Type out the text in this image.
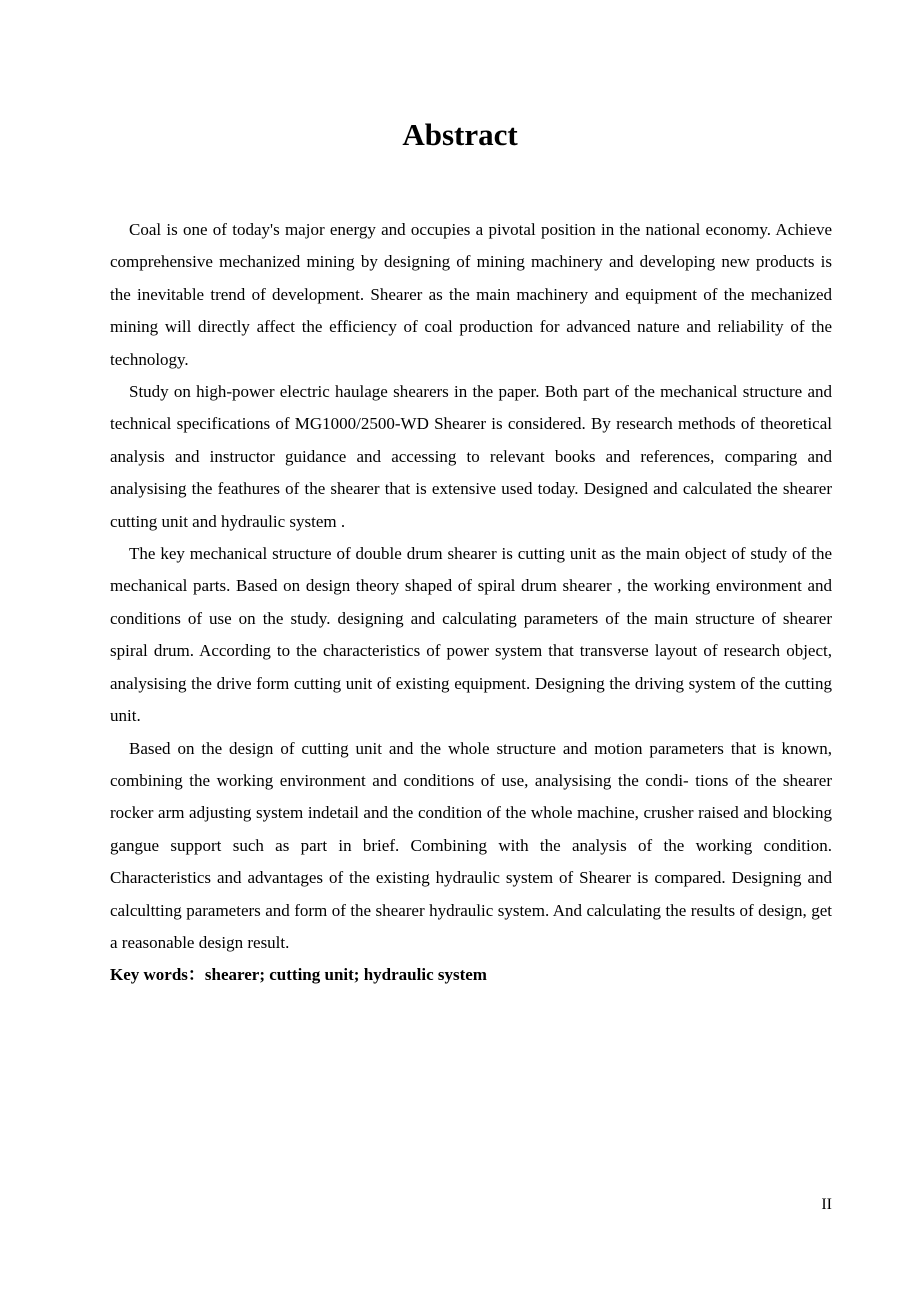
Abstract

Coal is one of today's major energy and occupies a pivotal position in the national economy. Achieve comprehensive mechanized mining by designing of mining machinery and developing new products is the inevitable trend of development. Shearer as the main machinery and equipment of the mechanized mining will directly affect the efficiency of coal production for advanced nature and reliability of the technology.

Study on high-power electric haulage shearers in the paper. Both part of the mechanical structure and technical specifications of MG1000/2500-WD Shearer is considered. By research methods of theoretical analysis and instructor guidance and accessing to relevant books and references, comparing and analysising the feathures of the shearer that is extensive used today. Designed and calculated the shearer cutting unit and hydraulic system .

The key mechanical structure of double drum shearer is cutting unit as the main object of study of the mechanical parts. Based on design theory shaped of spiral drum shearer , the working environment and conditions of use on the study. designing and calculating parameters of the main structure of shearer spiral drum. According to the characteristics of power system that transverse layout of research object, analysising the drive form cutting unit of existing equipment. Designing the driving system of the cutting unit.

Based on the design of cutting unit and the whole structure and motion parameters that is known, combining the working environment and conditions of use, analysising the condi- tions of the shearer rocker arm adjusting system indetail and the condition of the whole machine, crusher raised and blocking gangue support such as part in brief. Combining with the analysis of the working condition. Characteristics and advantages of the existing hydraulic system of Shearer is compared. Designing and calcultting parameters and form of the shearer hydraulic system. And calculating the results of design, get a reasonable design result.

Key words：shearer; cutting unit; hydraulic system

II
